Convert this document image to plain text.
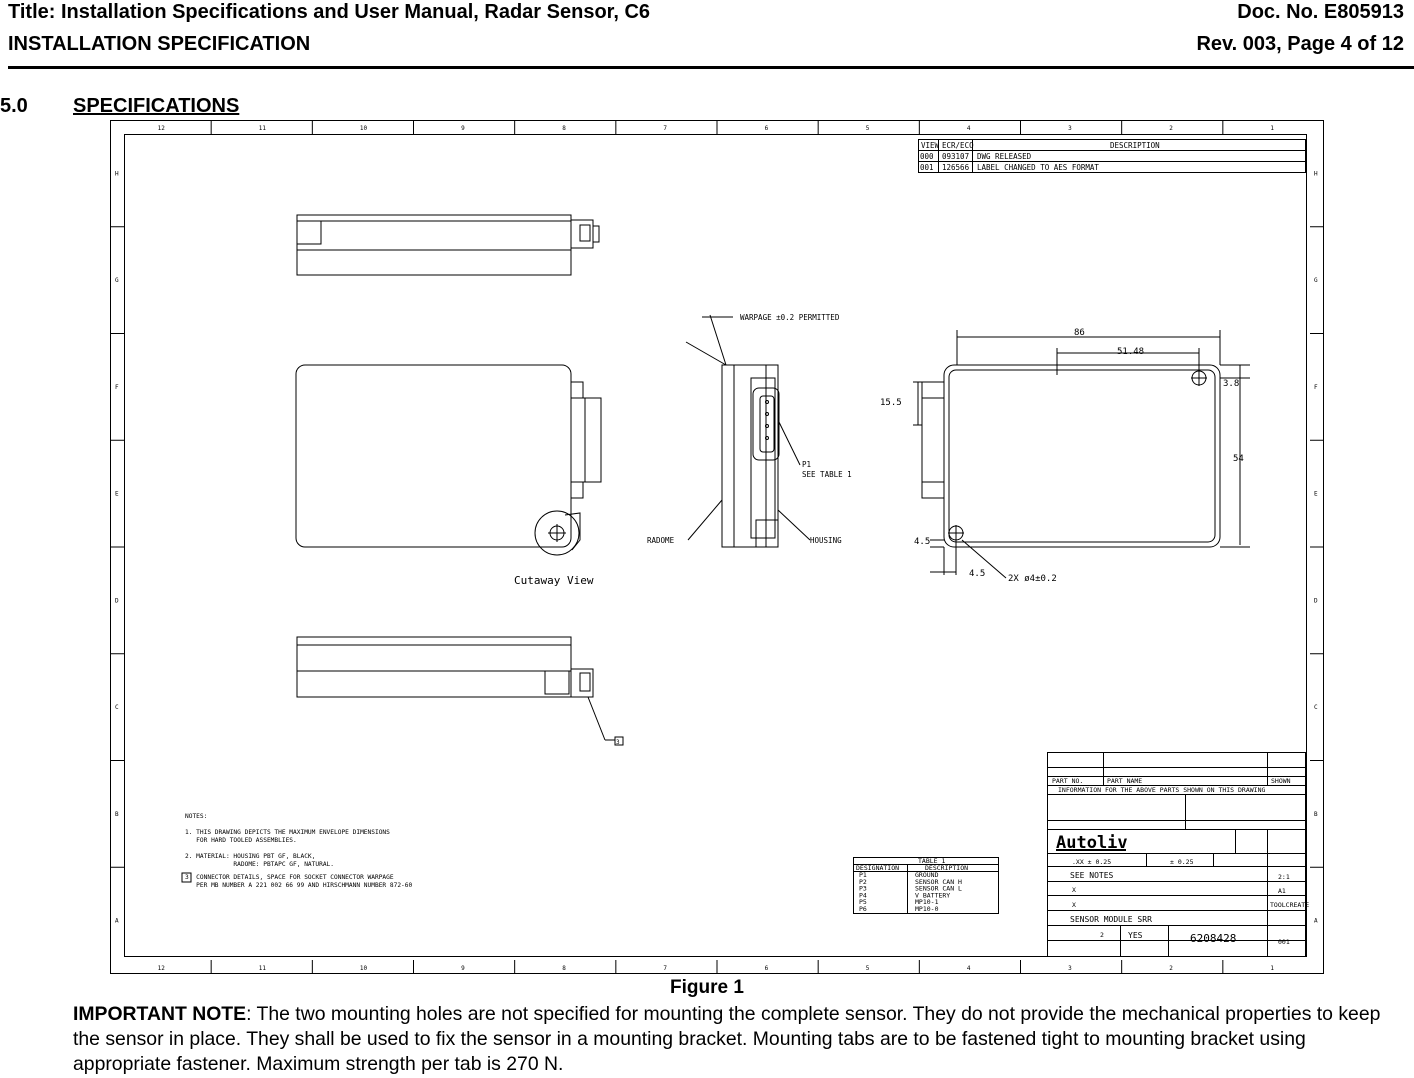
Title: Installation Specifications and User Manual, Radar Sensor, C6	Doc. No. E805913
INSTALLATION SPECIFICATION	Rev. 003, Page 4 of 12
5.0 SPECIFICATIONS
12
12
11
11
10
10
9
9
8
8
7
7
6
6
5
5
4
4
3
3
2
2
1
1
H	H
G	G
F	F
E	E
D	D
C	C
B	B
A	A
VIEW ECR/ECO	DESCRIPTION
000 093107 DWG RELEASED
001 126566 LABEL CHANGED TO AES FORMAT
Cutaway View
3
WARPAGE ±0.2 PERMITTED
P1
SEE TABLE 1
RADOME	HOUSING
86
51.48
3.8
54
15.5
4.5
4.5	2X ø4±0.2
NOTES:
1. THIS DRAWING DEPICTS THE MAXIMUM ENVELOPE DIMENSIONS
FOR HARD TOOLED ASSEMBLIES.
2. MATERIAL: HOUSING PBT GF, BLACK,
RADOME: PBTAPC GF, NATURAL.
3  CONNECTOR DETAILS, SPACE FOR SOCKET CONNECTOR WARPAGE
PER MB NUMBER A 221 002 66 99 AND HIRSCHMANN NUMBER 872-60
TABLE 1
DESIGNATION	DESCRIPTION
P1	GROUND
P2	SENSOR CAN H
P3	SENSOR CAN L
P4	V BATTERY
P5	MP10-1
P6	MP10-0
PART NO.	PART NAME	SHOWN
INFORMATION FOR THE ABOVE PARTS SHOWN ON THIS DRAWING
Autoliv
.XX ± 0.25	± 0.25
SEE NOTES	2:1
X	A1
X	TOOLCREATE
SENSOR MODULE SRR
2	YES	6208428	001
Figure 1
IMPORTANT NOTE: The two mounting holes are not specified for mounting the complete sensor. They do not provide the mechanical properties to keep the sensor in place. They shall be used to fix the sensor in a mounting bracket. Mounting tabs are to be fastened tight to mounting bracket using appropriate fastener. Maximum strength per tab is 270 N.
